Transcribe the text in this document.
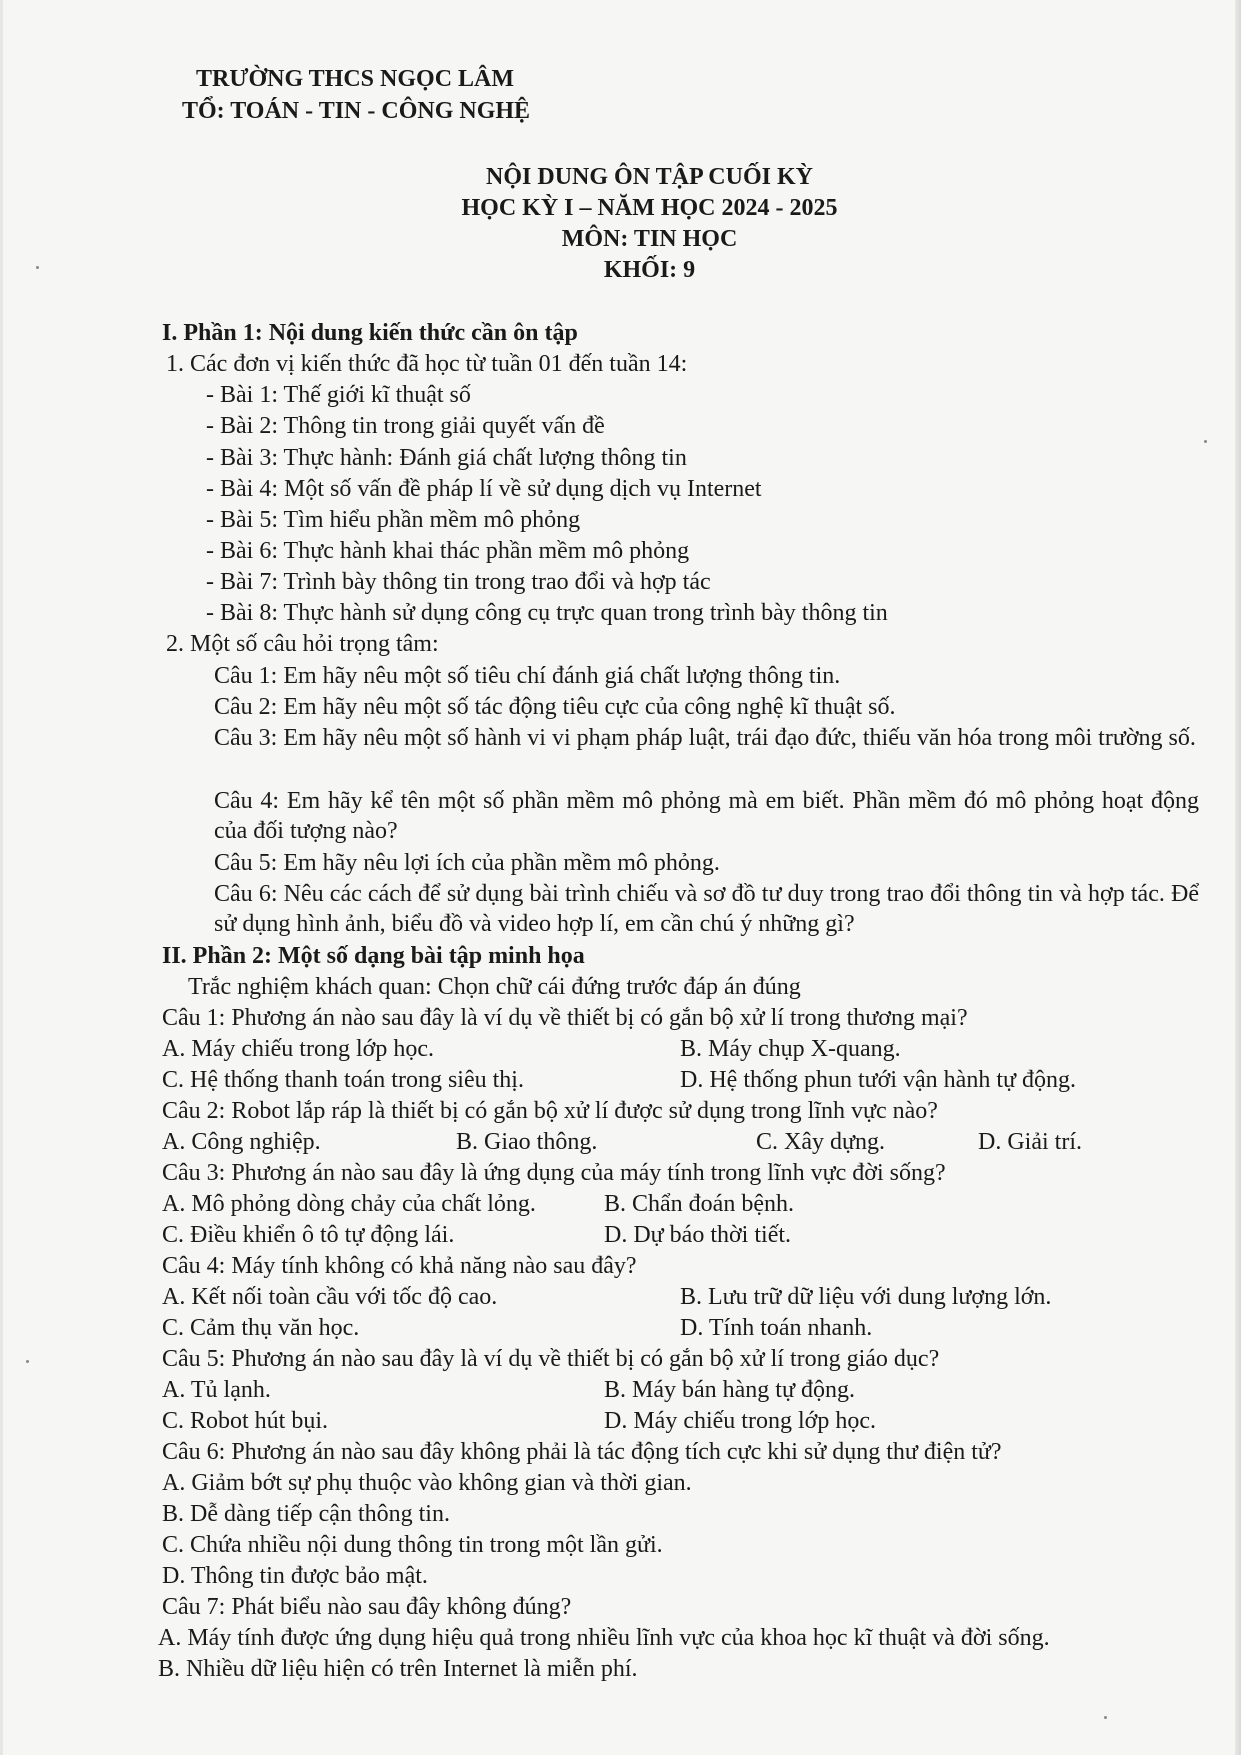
TRƯỜNG THCS NGỌC LÂM
TỔ: TOÁN - TIN - CÔNG NGHỆ
NỘI DUNG ÔN TẬP CUỐI KỲ
HỌC KỲ I – NĂM HỌC 2024 - 2025
MÔN: TIN HỌC
KHỐI: 9
I. Phần 1: Nội dung kiến thức cần ôn tập
1. Các đơn vị kiến thức đã học từ tuần 01 đến tuần 14:
- Bài 1: Thế giới kĩ thuật số
- Bài 2: Thông tin trong giải quyết vấn đề
- Bài 3: Thực hành: Đánh giá chất lượng thông tin
- Bài 4: Một số vấn đề pháp lí về sử dụng dịch vụ Internet
- Bài 5: Tìm hiểu phần mềm mô phỏng
- Bài 6: Thực hành khai thác phần mềm mô phỏng
- Bài 7: Trình bày thông tin trong trao đổi và hợp tác
- Bài 8: Thực hành sử dụng công cụ trực quan trong trình bày thông tin
2. Một số câu hỏi trọng tâm:
Câu 1: Em hãy nêu một số tiêu chí đánh giá chất lượng thông tin.
Câu 2: Em hãy nêu một số tác động tiêu cực của công nghệ kĩ thuật số.
Câu 3: Em hãy nêu một số hành vi vi phạm pháp luật, trái đạo đức, thiếu văn hóa trong môi trường số.
Câu 4: Em hãy kể tên một số phần mềm mô phỏng mà em biết. Phần mềm đó mô phỏng hoạt động của đối tượng nào?
Câu 5: Em hãy nêu lợi ích của phần mềm mô phỏng.
Câu 6: Nêu các cách để sử dụng bài trình chiếu và sơ đồ tư duy trong trao đổi thông tin và hợp tác. Để sử dụng hình ảnh, biểu đồ và video hợp lí, em cần chú ý những gì?
II. Phần 2: Một số dạng bài tập minh họa
Trắc nghiệm khách quan: Chọn chữ cái đứng trước đáp án đúng
Câu 1: Phương án nào sau đây là ví dụ về thiết bị có gắn bộ xử lí trong thương mại?
A. Máy chiếu trong lớp học.	B. Máy chụp X-quang.
C. Hệ thống thanh toán trong siêu thị.	D. Hệ thống phun tưới vận hành tự động.
Câu 2: Robot lắp ráp là thiết bị có gắn bộ xử lí được sử dụng trong lĩnh vực nào?
A. Công nghiệp.	B. Giao thông.	C. Xây dựng.	D. Giải trí.
Câu 3: Phương án nào sau đây là ứng dụng của máy tính trong lĩnh vực đời sống?
A. Mô phỏng dòng chảy của chất lỏng.	B. Chẩn đoán bệnh.
C. Điều khiển ô tô tự động lái.	D. Dự báo thời tiết.
Câu 4: Máy tính không có khả năng nào sau đây?
A. Kết nối toàn cầu với tốc độ cao.	B. Lưu trữ dữ liệu với dung lượng lớn.
C. Cảm thụ văn học.	D. Tính toán nhanh.
Câu 5: Phương án nào sau đây là ví dụ về thiết bị có gắn bộ xử lí trong giáo dục?
A. Tủ lạnh.	B. Máy bán hàng tự động.
C. Robot hút bụi.	D. Máy chiếu trong lớp học.
Câu 6: Phương án nào sau đây không phải là tác động tích cực khi sử dụng thư điện tử?
A. Giảm bớt sự phụ thuộc vào không gian và thời gian.
B. Dễ dàng tiếp cận thông tin.
C. Chứa nhiều nội dung thông tin trong một lần gửi.
D. Thông tin được bảo mật.
Câu 7: Phát biểu nào sau đây không đúng?
A. Máy tính được ứng dụng hiệu quả trong nhiều lĩnh vực của khoa học kĩ thuật và đời sống.
B. Nhiều dữ liệu hiện có trên Internet là miễn phí.
